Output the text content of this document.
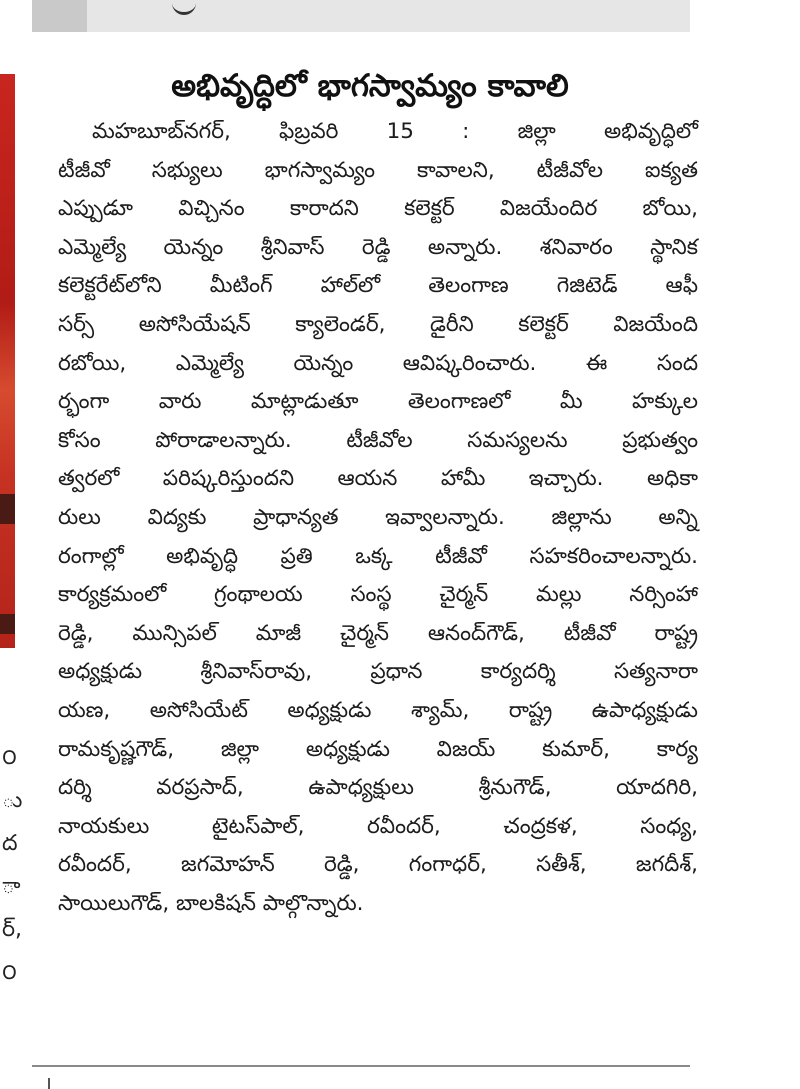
౦
ు
ద
ా
ర్,
౦
అభివృద్ధిలో భాగస్వామ్యం కావాలి
మహబూబ్‌నగర్, ఫిబ్రవరి 15 : జిల్లా అభివృద్ధిలో
టీజీవో సభ్యులు భాగస్వామ్యం కావాలని, టీజీవోల ఐక్యత
ఎప్పుడూ విచ్చినం కారాదని కలెక్టర్ విజయేందిర బోయి,
ఎమ్మెల్యే యెన్నం శ్రీనివాస్ రెడ్డి అన్నారు. శనివారం స్థానిక
కలెక్టరేట్‌లోని మీటింగ్ హాల్‌లో తెలంగాణ గెజిటెడ్ ఆఫీ
సర్స్ అసోసియేషన్ క్యాలెండర్, డైరీని కలెక్టర్ విజయేంది
రబోయి, ఎమ్మెల్యే యెన్నం ఆవిష్కరించారు. ఈ సంద
ర్భంగా వారు మాట్లాడుతూ తెలంగాణలో మీ హక్కుల
కోసం పోరాడాలన్నారు. టీజీవోల సమస్యలను ప్రభుత్వం
త్వరలో పరిష్కరిస్తుందని ఆయన హామీ ఇచ్చారు. అధికా
రులు విద్యకు ప్రాధాన్యత ఇవ్వాలన్నారు. జిల్లాను అన్ని
రంగాల్లో అభివృద్ధి ప్రతి ఒక్క టీజీవో సహకరించాలన్నారు.
కార్యక్రమంలో గ్రంథాలయ సంస్థ చైర్మన్ మల్లు నర్సింహా
రెడ్డి, మున్సిపల్ మాజీ చైర్మన్ ఆనంద్‌గౌడ్, టీజీవో రాష్ట్ర
అధ్యక్షుడు శ్రీనివాస్‌రావు, ప్రధాన కార్యదర్శి సత్యనారా
యణ, అసోసియేట్ అధ్యక్షుడు శ్యామ్, రాష్ట్ర ఉపాధ్యక్షుడు
రామకృష్ణగౌడ్, జిల్లా అధ్యక్షుడు విజయ్ కుమార్, కార్య
దర్శి వరప్రసాద్, ఉపాధ్యక్షులు శ్రీనుగౌడ్, యాదగిరి,
నాయకులు టైటస్‌పాల్, రవీందర్, చంద్రకళ, సంధ్య,
రవీందర్, జగమోహన్ రెడ్డి, గంగాధర్, సతీశ్, జగదీశ్,
సాయిలుగౌడ్, బాలకిషన్ పాల్గొన్నారు.
